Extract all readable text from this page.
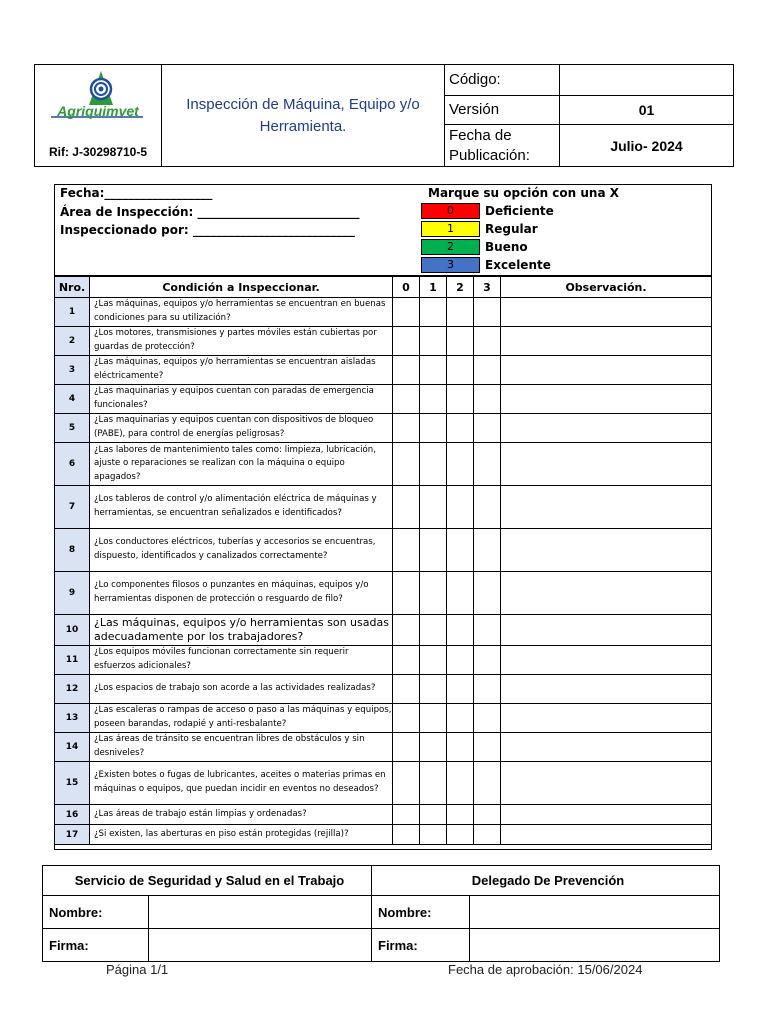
Agriquimvet
Rif: J-30298710-5	Inspección de Máquina, Equipo y/o Herramienta.	Código:	
		Versión	01
		Fecha de Publicación:	Julio- 2024
Fecha:__________________
Área de Inspección: ___________________________
Inspeccionado por: ___________________________
Marque su opción con una X
0	Deficiente
1	Regular
2	Bueno
3	Excelente
Nro.	Condición a Inspeccionar.	0	1	2	3	Observación.
1	¿Las máquinas, equipos y/o herramientas se encuentran en buenas condiciones para su utilización?					
2	¿Los motores, transmisiones y partes móviles están cubiertas por guardas de protección?					
3	¿Las máquinas, equipos y/o herramientas se encuentran aisladas eléctricamente?					
4	¿Las maquinarias y equipos cuentan con paradas de emergencia funcionales?					
5	¿Las maquinarias y equipos cuentan con dispositivos de bloqueo (PABE), para control de energías peligrosas?					
6	¿Las labores de mantenimiento tales como: limpieza, lubricación, ajuste o reparaciones se realizan con la máquina o equipo apagados?					
7	¿Los tableros de control y/o alimentación eléctrica de máquinas y herramientas, se encuentran señalizados e identificados?					
8	¿Los conductores eléctricos, tuberías y accesorios se encuentras, dispuesto, identificados y canalizados correctamente?					
9	¿Lo componentes filosos o punzantes en máquinas, equipos y/o herramientas disponen de protección o resguardo de filo?					
10	¿Las máquinas, equipos y/o herramientas son usadas adecuadamente por los trabajadores?					
11	¿Los equipos móviles funcionan correctamente sin requerir esfuerzos adicionales?					
12	¿Los espacios de trabajo son acorde a las actividades realizadas?					
13	¿Las escaleras o rampas de acceso o paso a las máquinas y equipos, poseen barandas, rodapié y anti-resbalante?					
14	¿Las áreas de tránsito se encuentran libres de obstáculos y sin desniveles?					
15	¿Existen botes o fugas de lubricantes, aceites o materias primas en máquinas o equipos, que puedan incidir en eventos no deseados?					
16	¿Las áreas de trabajo están limpias y ordenadas?					
17	¿Si existen, las aberturas en piso están protegidas (rejilla)?					
Servicio de Seguridad y Salud en el Trabajo		Delegado De Prevención	
Nombre:		Nombre:	
Firma:		Firma:	
Página 1/1	Fecha de aprobación: 15/06/2024
